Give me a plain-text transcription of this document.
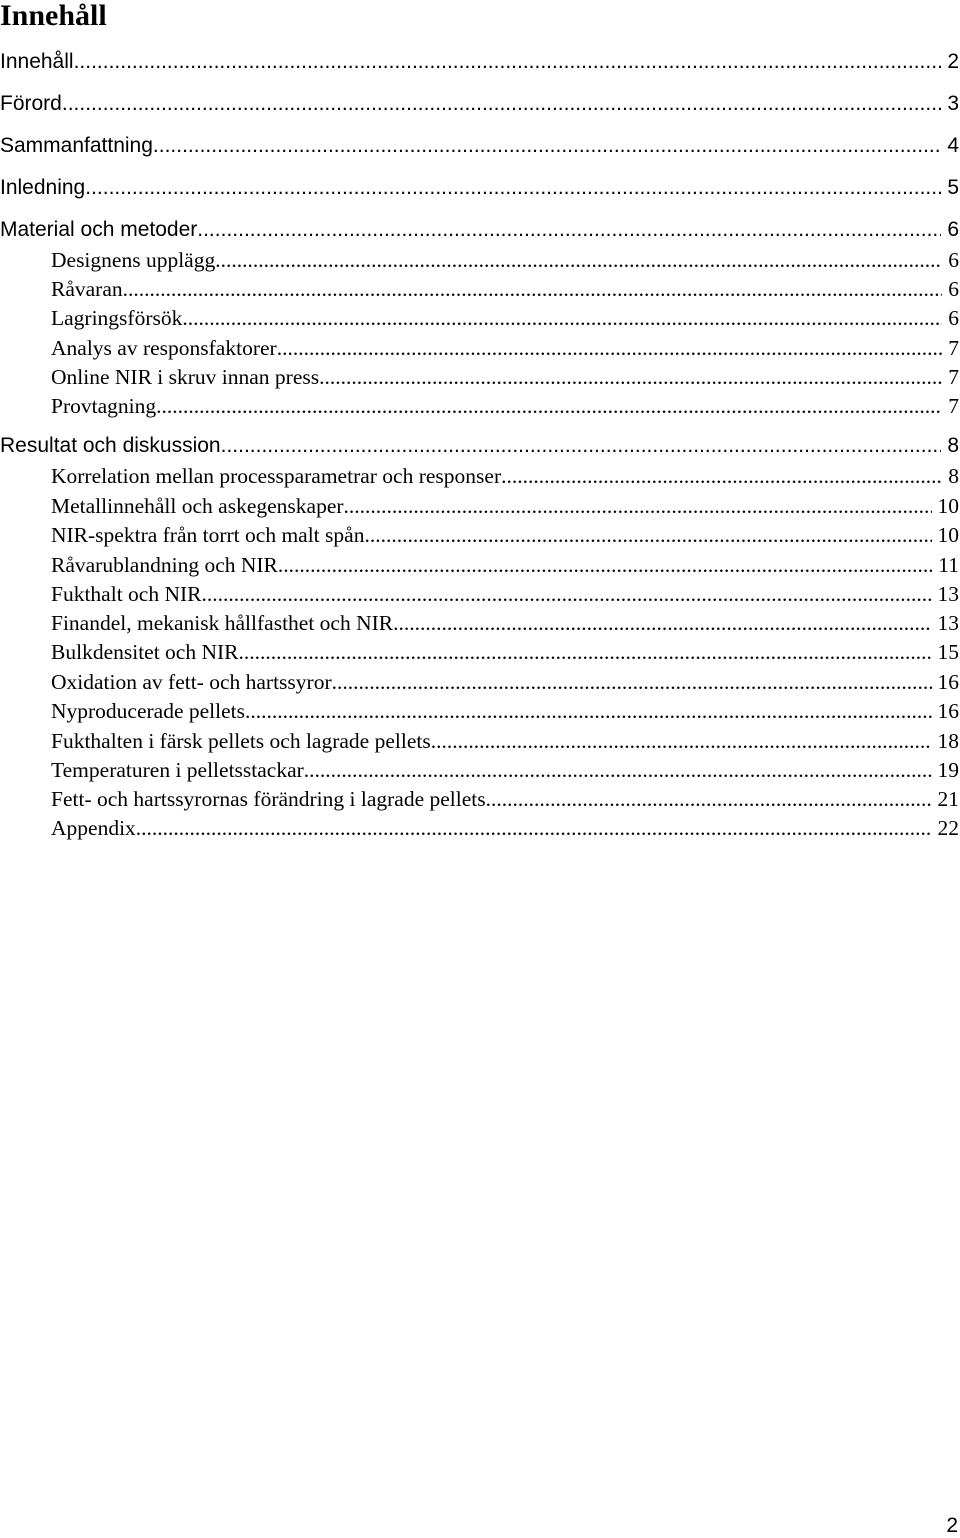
Innehåll
Innehåll .....	2
Förord .....	3
Sammanfattning .....	4
Inledning .....	5
Material och metoder .....	6
Designens upplägg .....	6
Råvaran .....	6
Lagringsförsök .....	6
Analys av responsfaktorer .....	7
Online NIR i skruv innan press .....	7
Provtagning .....	7
Resultat och diskussion .....	8
Korrelation mellan processparametrar och responser .....	8
Metallinnehåll och askegenskaper .....	10
NIR-spektra från torrt och malt spån .....	10
Råvarublandning och NIR .....	11
Fukthalt och NIR .....	13
Finandel, mekanisk hållfasthet och NIR .....	13
Bulkdensitet och NIR .....	15
Oxidation av fett- och hartssyror .....	16
Nyproducerade pellets .....	16
Fukthalten i färsk pellets och lagrade pellets .....	18
Temperaturen i pelletsstackar .....	19
Fett- och hartssyrornas förändring i lagrade pellets .....	21
Appendix .....	22
2
